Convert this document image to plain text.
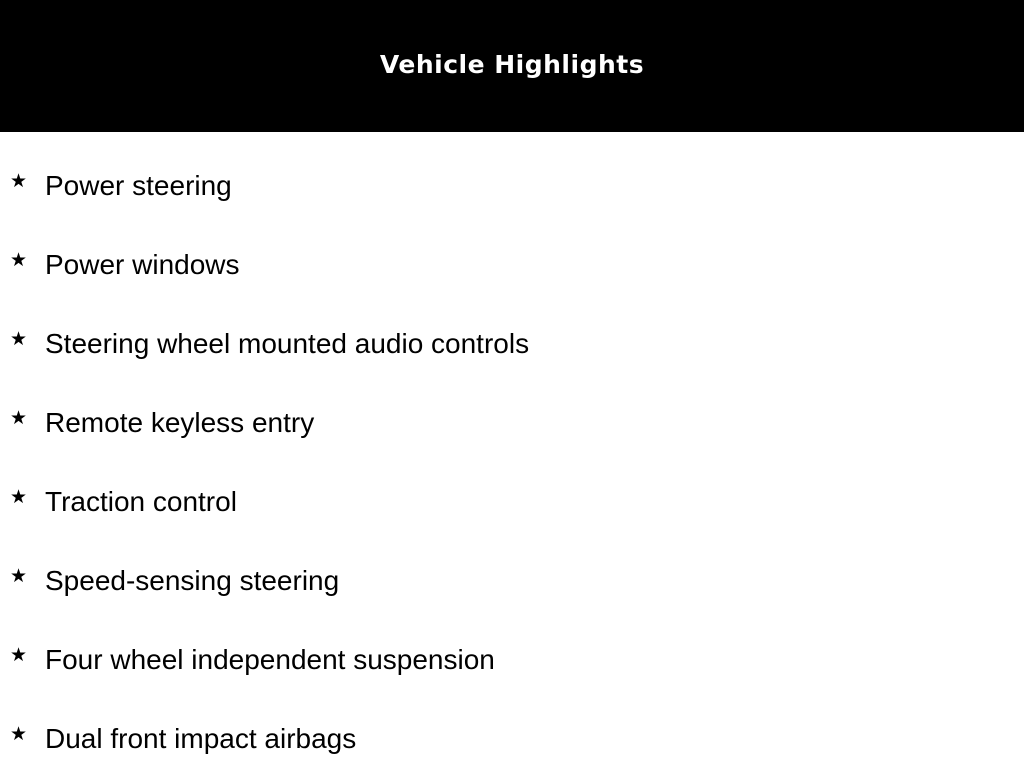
Vehicle Highlights
★ Power steering
★ Power windows
★ Steering wheel mounted audio controls
★ Remote keyless entry
★ Traction control
★ Speed-sensing steering
★ Four wheel independent suspension
★ Dual front impact airbags
